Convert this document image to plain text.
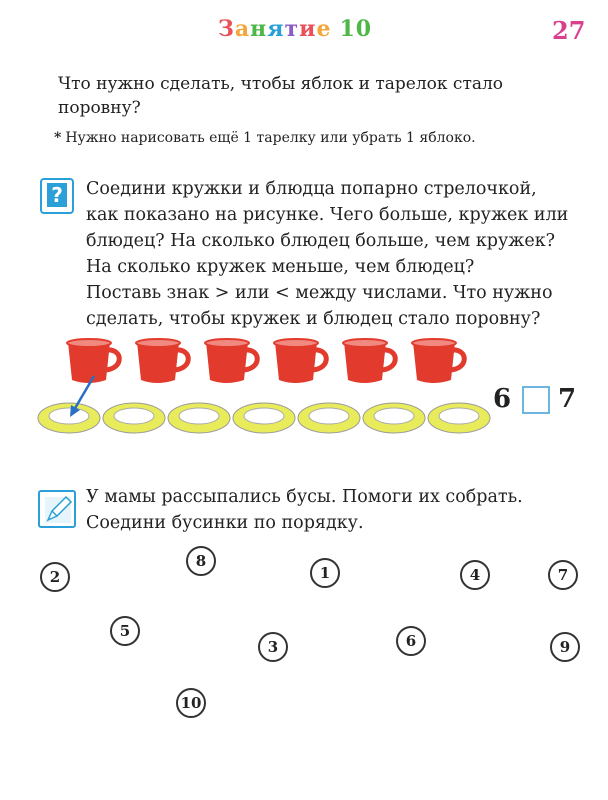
Занятие 10	27
Что нужно сделать, чтобы яблок и тарелок стало поровну?
* Нужно нарисовать ещё 1 тарелку или убрать 1 яблоко.
? Соедини кружки и блюдца попарно стрелочкой,

как показано на рисунке. Чего больше, кружек или

блюдец? На сколько блюдец больше, чем кружек?

На сколько кружек меньше, чем блюдец?

Поставь знак > или < между числами. Что нужно

сделать, чтобы кружек и блюдец стало поровну?

6 7

У мамы рассыпались бусы. Помоги их собрать.

Соедини бусинки по порядку.

2
8
1	4	7
5
3	6	9
10
